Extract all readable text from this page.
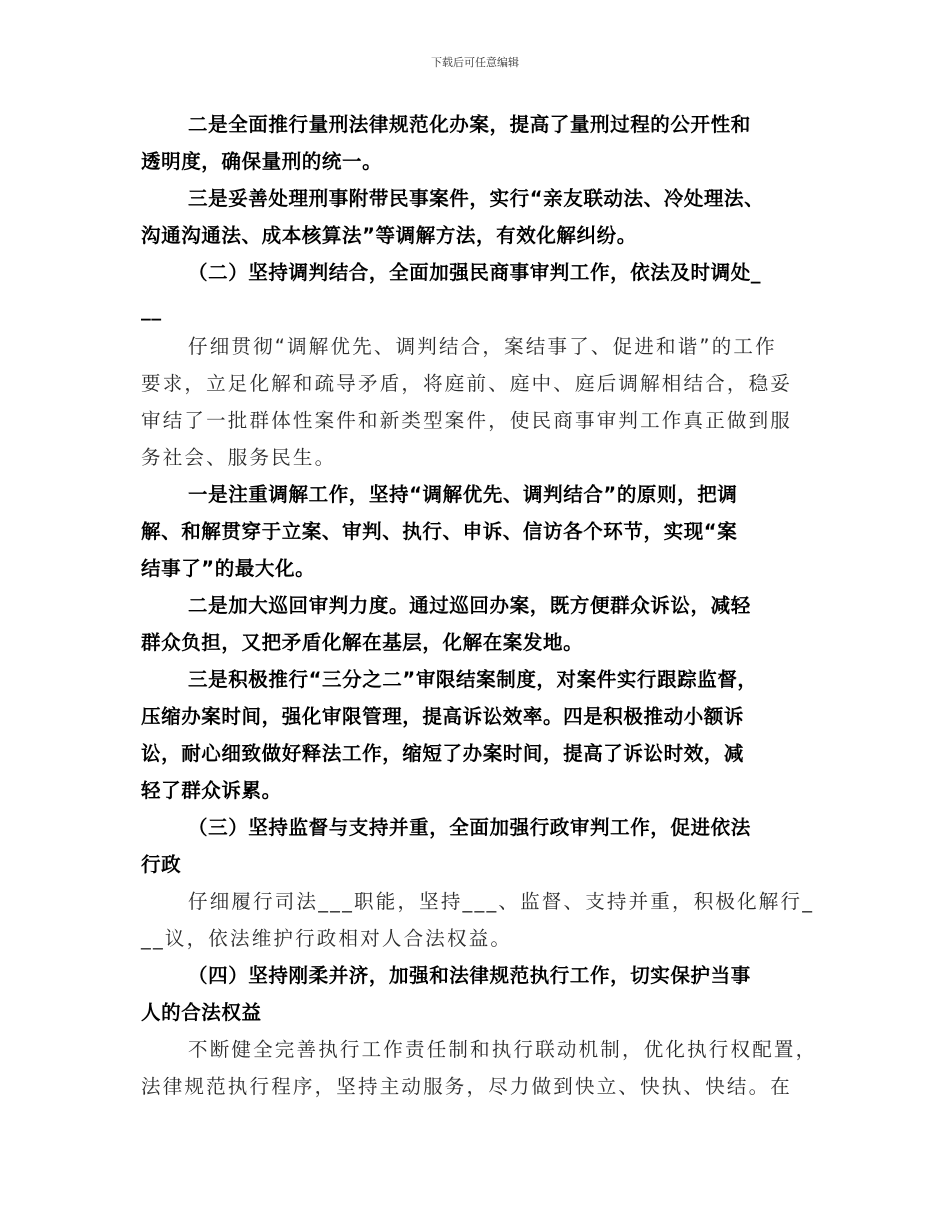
下载后可任意编辑
二是全面推行量刑法律规范化办案，提高了量刑过程的公开性和
透明度，确保量刑的统一。
三是妥善处理刑事附带民事案件，实行“亲友联动法、冷处理法、
沟通沟通法、成本核算法”等调解方法，有效化解纠纷。
（二）坚持调判结合，全面加强民商事审判工作，依法及时调处_
__
仔细贯彻“调解优先、调判结合，案结事了、促进和谐”的工作
要求，立足化解和疏导矛盾，将庭前、庭中、庭后调解相结合，稳妥
审结了一批群体性案件和新类型案件，使民商事审判工作真正做到服
务社会、服务民生。
一是注重调解工作，坚持“调解优先、调判结合”的原则，把调
解、和解贯穿于立案、审判、执行、申诉、信访各个环节，实现“案
结事了”的最大化。
二是加大巡回审判力度。通过巡回办案，既方便群众诉讼，减轻
群众负担，又把矛盾化解在基层，化解在案发地。
三是积极推行“三分之二”审限结案制度，对案件实行跟踪监督，
压缩办案时间，强化审限管理，提高诉讼效率。四是积极推动小额诉
讼，耐心细致做好释法工作，缩短了办案时间，提高了诉讼时效，减
轻了群众诉累。
（三）坚持监督与支持并重，全面加强行政审判工作，促进依法
行政
仔细履行司法___职能，坚持___、监督、支持并重，积极化解行_
__议，依法维护行政相对人合法权益。
（四）坚持刚柔并济，加强和法律规范执行工作，切实保护当事
人的合法权益
不断健全完善执行工作责任制和执行联动机制，优化执行权配置，
法律规范执行程序，坚持主动服务，尽力做到快立、快执、快结。在
